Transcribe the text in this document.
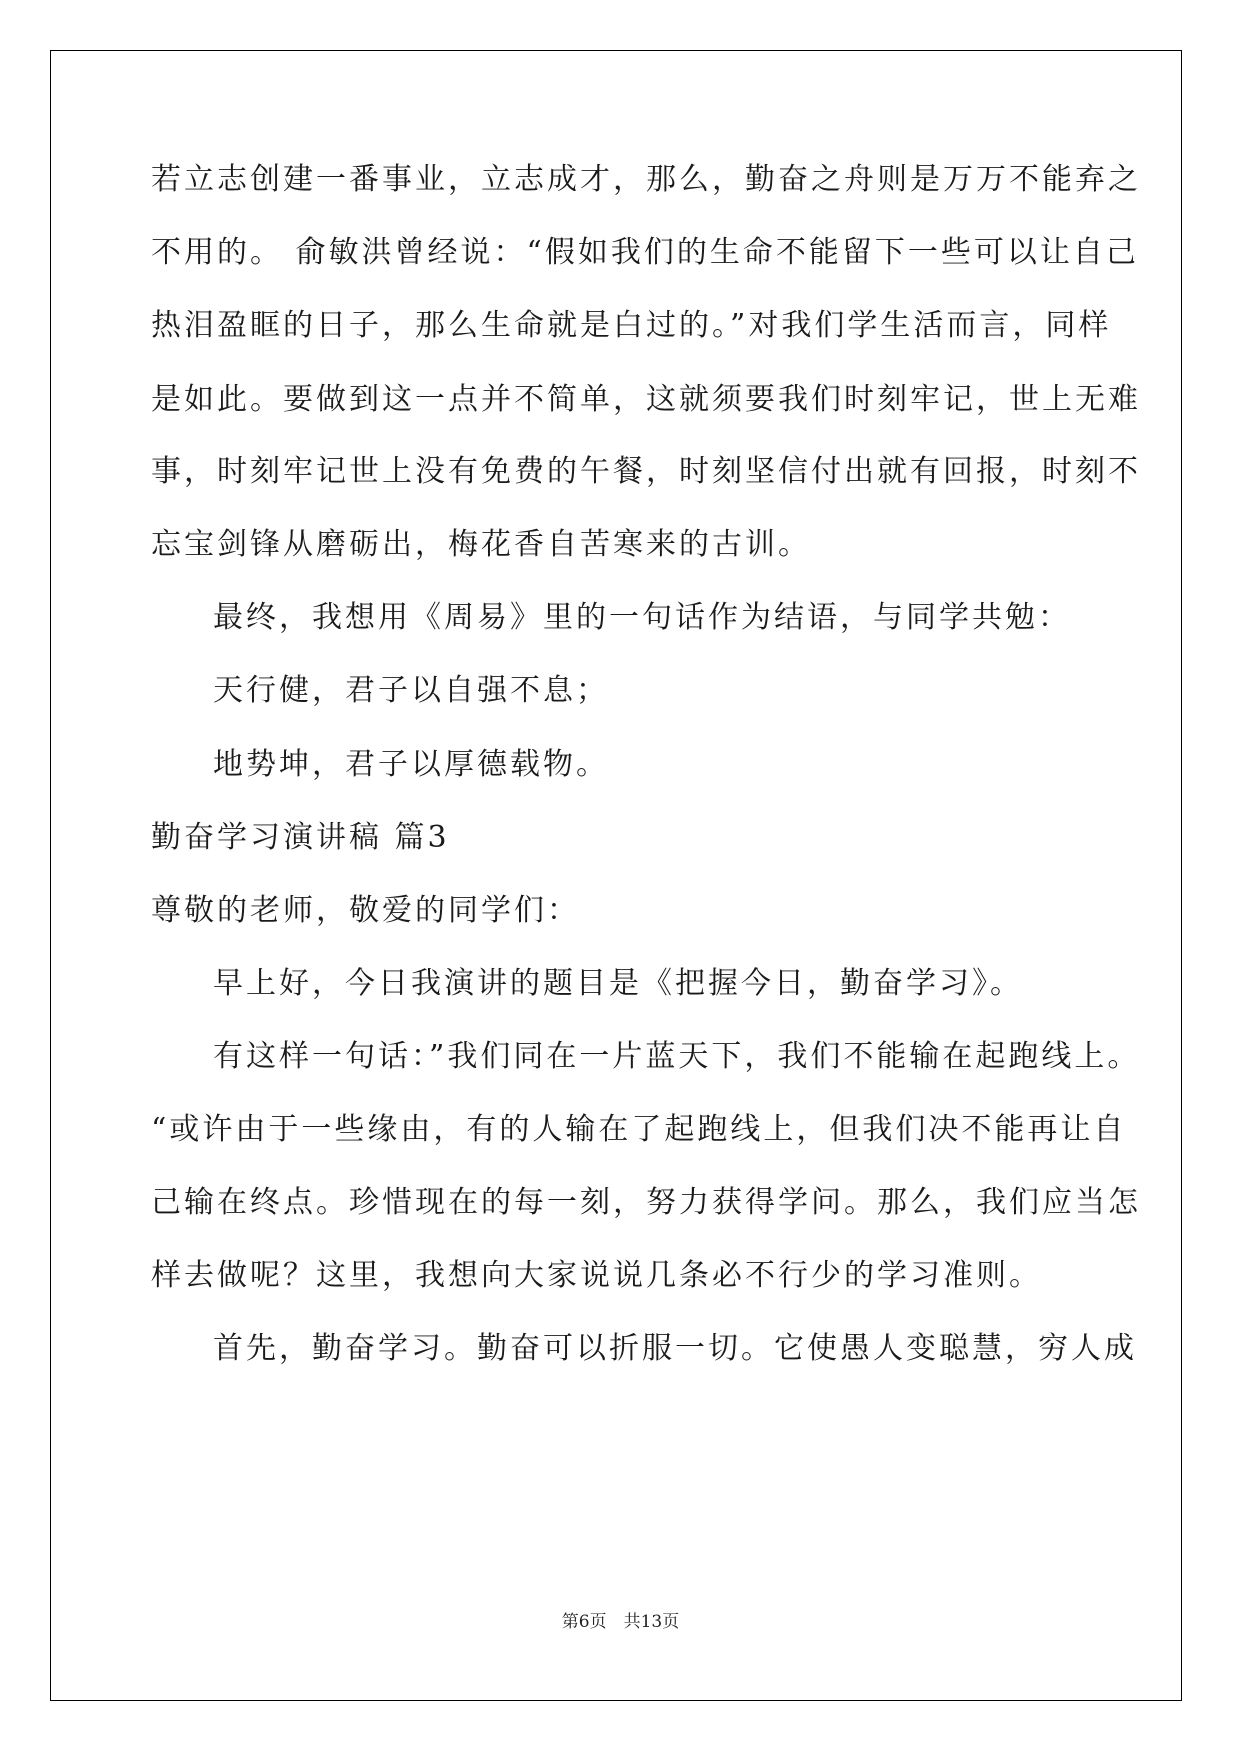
若立志创建一番事业，立志成才，那么，勤奋之舟则是万万不能弃之
不用的。 俞敏洪曾经说：“假如我们的生命不能留下一些可以让自己
热泪盈眶的日子，那么生命就是白过的。”对我们学生活而言，同样
是如此。要做到这一点并不简单，这就须要我们时刻牢记，世上无难
事，时刻牢记世上没有免费的午餐，时刻坚信付出就有回报，时刻不
忘宝剑锋从磨砺出，梅花香自苦寒来的古训。
最终，我想用《周易》里的一句话作为结语，与同学共勉：
天行健，君子以自强不息；
地势坤，君子以厚德载物。
勤奋学习演讲稿 篇3
尊敬的老师，敬爱的同学们：
早上好，今日我演讲的题目是《把握今日，勤奋学习》。
有这样一句话：”我们同在一片蓝天下，我们不能输在起跑线上。
“或许由于一些缘由，有的人输在了起跑线上，但我们决不能再让自
己输在终点。珍惜现在的每一刻，努力获得学问。那么，我们应当怎
样去做呢？这里，我想向大家说说几条必不行少的学习准则。
首先，勤奋学习。勤奋可以折服一切。它使愚人变聪慧，穷人成
第6页　共13页
